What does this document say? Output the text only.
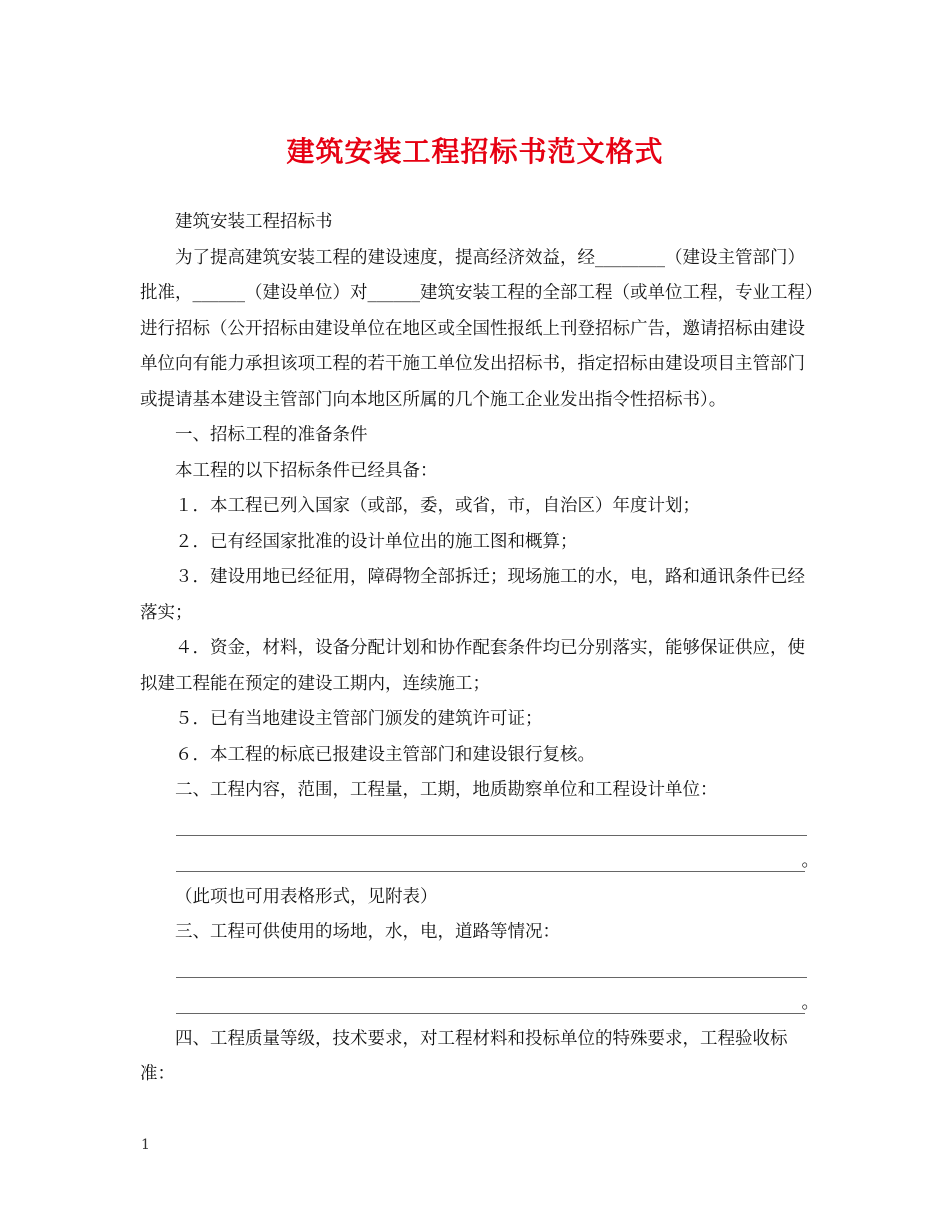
建筑安装工程招标书范文格式

建筑安装工程招标书

为了提高建筑安装工程的建设速度，提高经济效益，经________（建设主管部门）批准，______（建设单位）对______建筑安装工程的全部工程（或单位工程，专业工程）进行招标（公开招标由建设单位在地区或全国性报纸上刊登招标广告，邀请招标由建设单位向有能力承担该项工程的若干施工单位发出招标书，指定招标由建设项目主管部门或提请基本建设主管部门向本地区所属的几个施工企业发出指令性招标书）。

一、招标工程的准备条件

本工程的以下招标条件已经具备：

１．本工程已列入国家（或部，委，或省，市，自治区）年度计划；

２．已有经国家批准的设计单位出的施工图和概算；

３．建设用地已经征用，障碍物全部拆迁；现场施工的水，电，路和通讯条件已经落实；

４．资金，材料，设备分配计划和协作配套条件均已分别落实，能够保证供应，使拟建工程能在预定的建设工期内，连续施工；

５．已有当地建设主管部门颁发的建筑许可证；

６．本工程的标底已报建设主管部门和建设银行复核。

二、工程内容，范围，工程量，工期，地质勘察单位和工程设计单位：

。

（此项也可用表格形式，见附表）

三、工程可供使用的场地，水，电，道路等情况：

。

四、工程质量等级，技术要求，对工程材料和投标单位的特殊要求，工程验收标准：

1
